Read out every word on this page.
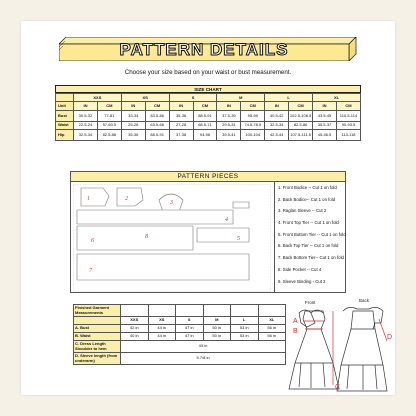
PATTERN DETAILS
Choose your size based on your waist or bust measurement.
SIZE CHART
	XXS		XS		S		M		L		XL	
Unit	IN	CM	IN	CM	IN	CM	IN	CM	IN	CM	IN	CM
Bust	30.5-32	77-81	33-34	83.5-86	35-36	88.5-91	37.5-39	95-99	40.5-42	102.5-106.5	43.5-45	110.5-114
Waist	22.5-24	57-60.5	25-26	63.5-66	27-28	68.5-71	29.5-31	74.5-78.5	32.5-34	82.5-86	35.5-37	90-93.5
Hip	32.5-34	82.5-86	35-36	88.5-91	37-38	94-96	39.5-41	100-104	42.5-44	107.5-111.5	45-46.5	113-118
PATTERN PIECES
1	2
3
4
5
6
7
8
1. Front Bodice -- Cut 1 on fold
2. Back Bodice-- Cut 1 on fold
3. Raglan Sleeve -- Cut 2
4. Front Top Tier -- Cut 1 on fold
5. Front Bottom Tier -- Cut 1 on fold
6. Back Top Tier -- Cut 1 on fold
7. Back Bottom Tier-- Cut 1 on fold
8. Side Pocket -- Cut 4
9. Sleeve Binding - Cut 2
Finished Garment Measurements						
	XXS	XS	S	M	L	XL
A. Bust	42 in	44 in	47 in	50 in	53 in	56 in
B. Waist	40 in	44 in	47 in	50 in	53 in	56 in
C. Dress Length Shoulder to hem	43 in					
D. Sleeve length (from underarm)	5.7/8 in					
A
B
C
D
Front	Back
